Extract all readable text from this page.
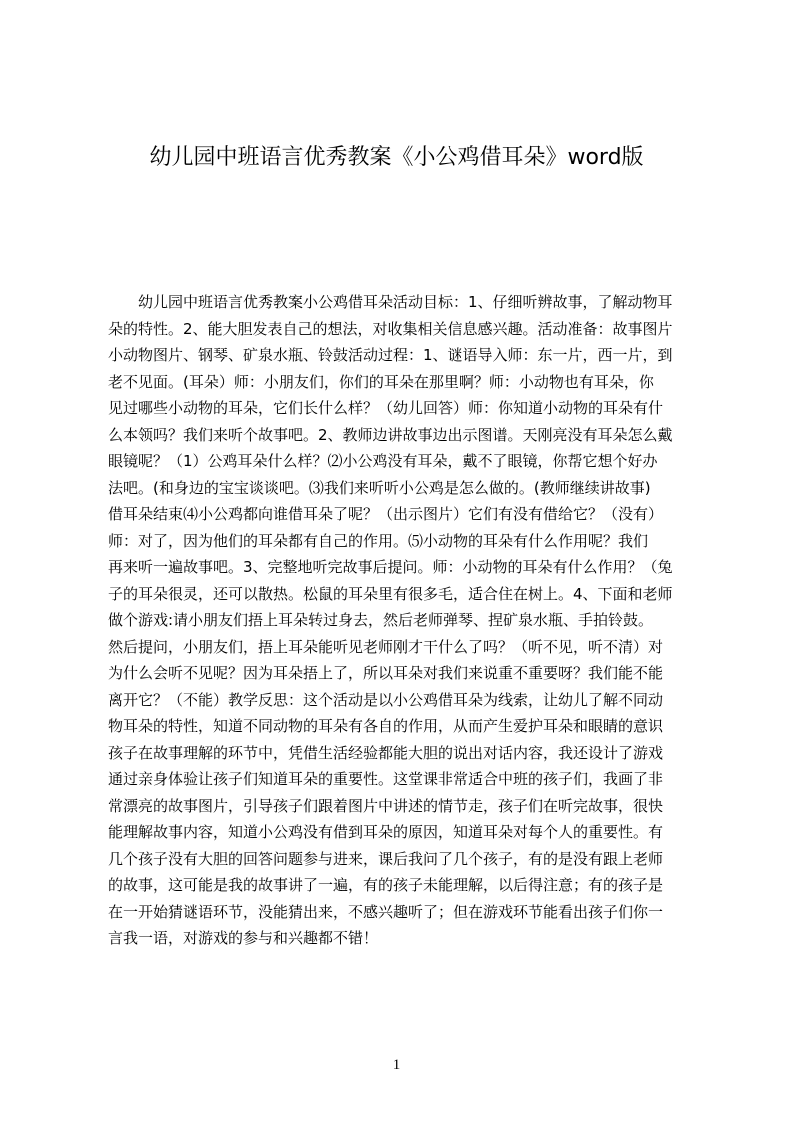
幼儿园中班语言优秀教案《小公鸡借耳朵》word版
幼儿园中班语言优秀教案小公鸡借耳朵活动目标：1、仔细听辨故事，了解动物耳
朵的特性。2、能大胆发表自己的想法，对收集相关信息感兴趣。活动准备：故事图片
小动物图片、钢琴、矿泉水瓶、铃鼓活动过程：1、谜语导入师：东一片，西一片，到
老不见面。(耳朵）师：小朋友们，你们的耳朵在那里啊？师：小动物也有耳朵，你
见过哪些小动物的耳朵，它们长什么样？（幼儿回答）师：你知道小动物的耳朵有什
么本领吗？我们来听个故事吧。2、教师边讲故事边出示图谱。天刚亮没有耳朵怎么戴
眼镜呢？（1）公鸡耳朵什么样？⑵小公鸡没有耳朵，戴不了眼镜，你帮它想个好办
法吧。(和身边的宝宝谈谈吧。⑶我们来听听小公鸡是怎么做的。(教师继续讲故事)
借耳朵结束⑷小公鸡都向谁借耳朵了呢？（出示图片）它们有没有借给它？（没有）
师：对了，因为他们的耳朵都有自己的作用。⑸小动物的耳朵有什么作用呢？我们
再来听一遍故事吧。3、完整地听完故事后提问。师：小动物的耳朵有什么作用？（兔
子的耳朵很灵，还可以散热。松鼠的耳朵里有很多毛，适合住在树上。4、下面和老师
做个游戏:请小朋友们捂上耳朵转过身去，然后老师弹琴、捏矿泉水瓶、手拍铃鼓。
然后提问，小朋友们，捂上耳朵能听见老师刚才干什么了吗？（听不见，听不清）对
为什么会听不见呢？因为耳朵捂上了，所以耳朵对我们来说重不重要呀？我们能不能
离开它？（不能）教学反思：这个活动是以小公鸡借耳朵为线索，让幼儿了解不同动
物耳朵的特性，知道不同动物的耳朵有各自的作用，从而产生爱护耳朵和眼睛的意识
孩子在故事理解的环节中，凭借生活经验都能大胆的说出对话内容，我还设计了游戏
通过亲身体验让孩子们知道耳朵的重要性。这堂课非常适合中班的孩子们，我画了非
常漂亮的故事图片，引导孩子们跟着图片中讲述的情节走，孩子们在听完故事，很快
能理解故事内容，知道小公鸡没有借到耳朵的原因，知道耳朵对每个人的重要性。有
几个孩子没有大胆的回答问题参与进来，课后我问了几个孩子，有的是没有跟上老师
的故事，这可能是我的故事讲了一遍，有的孩子未能理解，以后得注意；有的孩子是
在一开始猜谜语环节，没能猜出来，不感兴趣听了；但在游戏环节能看出孩子们你一
言我一语，对游戏的参与和兴趣都不错！
1
